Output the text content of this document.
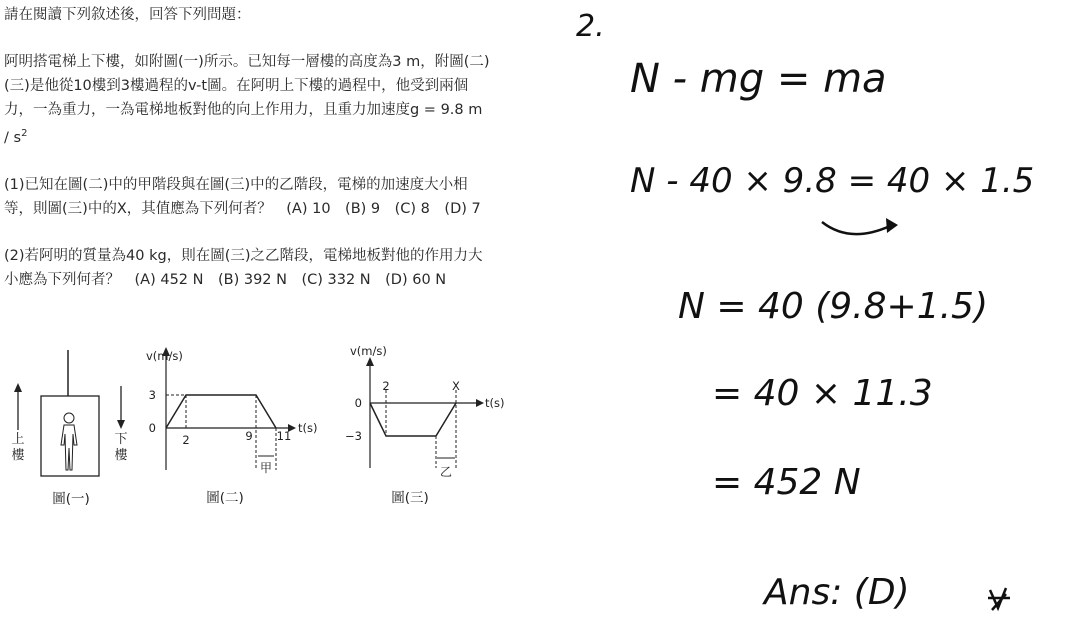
請在閱讀下列敘述後，回答下列問題：
阿明搭電梯上下樓，如附圖(一)所示。已知每一層樓的高度為3 m，附圖(二)
(三)是他從10樓到3樓過程的v-t圖。在阿明上下樓的過程中，他受到兩個
力，一為重力，一為電梯地板對他的向上作用力，且重力加速度g = 9.8 m
/ $s^2$
(1)已知在圖(二)中的甲階段與在圖(三)中的乙階段，電梯的加速度大小相
等，則圖(三)中的X，其值應為下列何者？　(A) 10　(B) 9　(C) 8　(D) 7
(2)若阿明的質量為40 kg，則在圖(三)之乙階段，電梯地板對他的作用力大
小應為下列何者？　(A) 452 N　(B) 392 N　(C) 332 N　(D) 60 N
上
樓
下
樓
圖(一)
v(m/s)
t(s)
3
0
2	9 11
甲
圖(二)
v(m/s)
t(s)
0
−3
2	X
乙
圖(三)
2.
N - mg = ma
N - 40 × 9.8 = 40 × 1.5
N = 40 (9.8+1.5)
= 40 × 11.3
= 452 N
Ans: (D)
